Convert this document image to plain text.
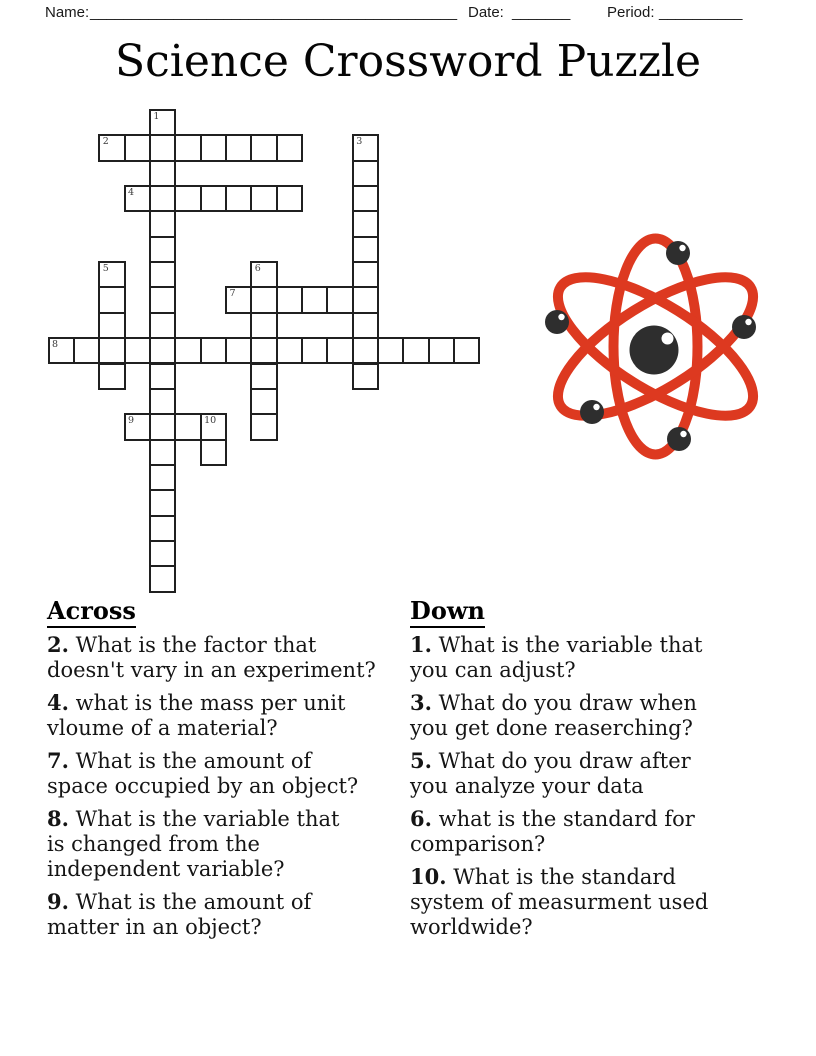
Name: ____________________________________________ Date: _______ Period: __________
Science Crossword Puzzle
1
2	3
4
5	6
7
8
9	10
Across
2. What is the factor that
doesn't vary in an experiment?
4. what is the mass per unit
vloume of a material?
7. What is the amount of
space occupied by an object?
8. What is the variable that
is changed from the
independent variable?
9. What is the amount of
matter in an object?
Down
1. What is the variable that
you can adjust?
3. What do you draw when
you get done reaserching?
5. What do you draw after
you analyze your data
6. what is the standard for
comparison?
10. What is the standard
system of measurment used
worldwide?
